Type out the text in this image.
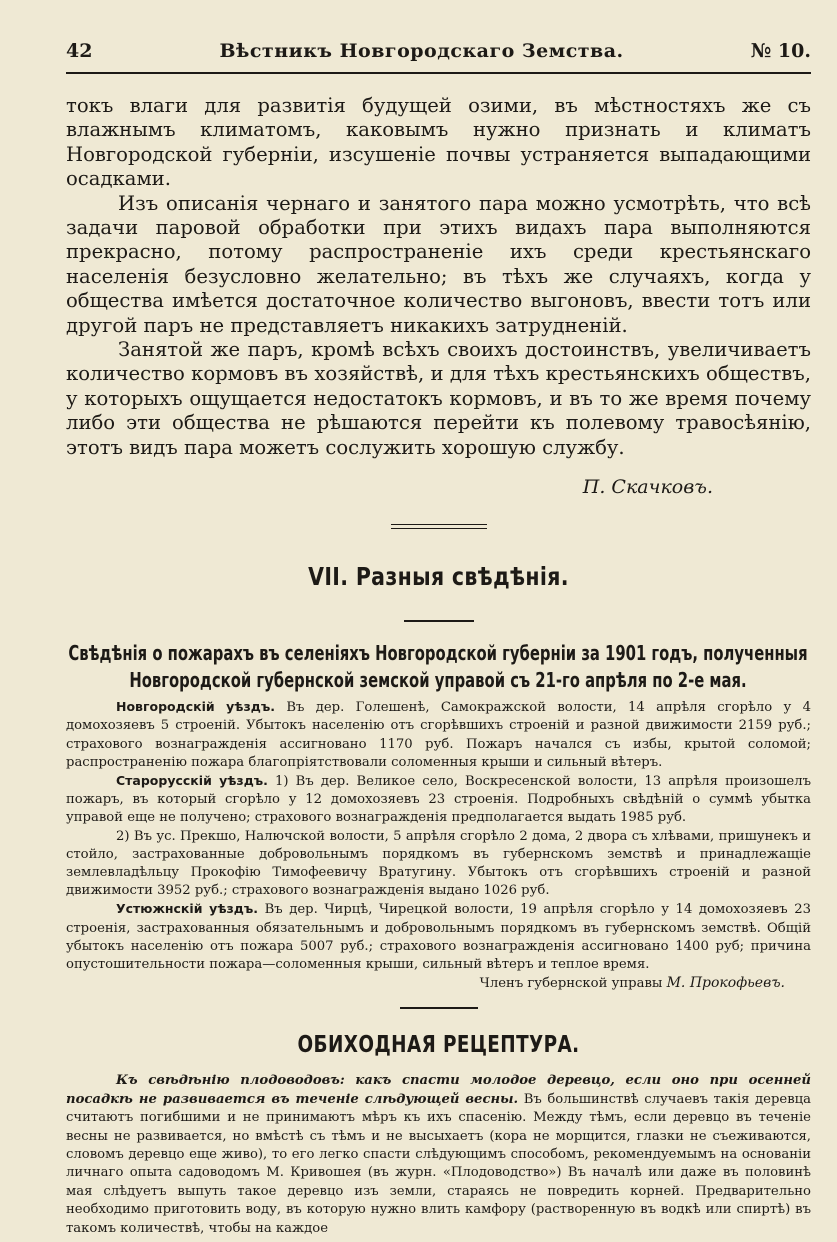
42	Вѣстникъ Новгородскаго Земства.	№ 10.

токъ влаги для развитія будущей озими, въ мѣстностяхъ же съ влажнымъ климатомъ, каковымъ нужно признать и климатъ Новгородской губерніи, изсушеніе почвы устраняется выпадающими осадками.

Изъ описанія чернаго и занятого пара можно усмотрѣть, что всѣ задачи паровой обработки при этихъ видахъ пара выполняются прекрасно, потому распространеніе ихъ среди крестьянскаго населенія безусловно желательно; въ тѣхъ же случаяхъ, когда у общества имѣется достаточное количество выгоновъ, ввести тотъ или другой паръ не представляетъ никакихъ затрудненій.

Занятой же паръ, кромѣ всѣхъ своихъ достоинствъ, увеличиваетъ количество кормовъ въ хозяйствѣ, и для тѣхъ крестьянскихъ обществъ, у которыхъ ощущается недостатокъ кормовъ, и въ то же время почему либо эти общества не рѣшаются перейти къ полевому травосѣянію, этотъ видъ пара можетъ сослужить хорошую службу.

П. Скачковъ.
VII. Разныя свѣдѣнія.
Свѣдѣнія о пожарахъ въ селеніяхъ Новгородской губерніи за 1901 годъ, полученныя Новгородской губернской земской управой съ 21-го апрѣля по 2-е мая.

Новгородскій уѣздъ. Въ дер. Голешенѣ, Самокражской волости, 14 апрѣля сгорѣло у 4 домохозяевъ 5 строеній. Убытокъ населенію отъ сгорѣвшихъ строеній и разной движимости 2159 руб.; страхового вознагражденія ассигновано 1170 руб. Пожаръ начался съ избы, крытой соломой; распространенію пожара благопріятствовали соломенныя крыши и сильный вѣтеръ.

Старорусскій уѣздъ. 1) Въ дер. Великое село, Воскресенской волости, 13 апрѣля произошелъ пожаръ, въ который сгорѣло у 12 домохозяевъ 23 строенія. Подробныхъ свѣдѣній о суммѣ убытка управой еще не получено; страхового вознагражденія предполагается выдать 1985 руб.

2) Въ ус. Прекшо, Налючской волости, 5 апрѣля сгорѣло 2 дома, 2 двора съ хлѣвами, пришунекъ и стойло, застрахованные добровольнымъ порядкомъ въ губернскомъ земствѣ и принадлежащіе землевладѣльцу Прокофію Тимофеевичу Вратугину. Убытокъ отъ сгорѣвшихъ строеній и разной движимости 3952 руб.; страхового вознагражденія выдано 1026 руб.

Устюжнскій уѣздъ. Въ дер. Чирцѣ, Чирецкой волости, 19 апрѣля сгорѣло у 14 домохозяевъ 23 строенія, застрахованныя обязательнымъ и добровольнымъ порядкомъ въ губернскомъ земствѣ. Общій убытокъ населенію отъ пожара 5007 руб.; страхового вознагражденія ассигновано 1400 руб; причина опустошительности пожара—соломенныя крыши, сильный вѣтеръ и теплое время.

Членъ губернской управы М. Прокофьевъ.
ОБИХОДНАЯ РЕЦЕПТУРА.

Къ свѣдѣнію плодоводовъ: какъ спасти молодое деревцо, если оно при осенней посадкѣ не развивается въ теченіе слѣдующей весны. Въ большинствѣ случаевъ такія деревца считаютъ погибшими и не принимаютъ мѣръ къ ихъ спасенію. Между тѣмъ, если деревцо въ теченіе весны не развивается, но вмѣстѣ съ тѣмъ и не высыхаетъ (кора не морщится, глазки не съеживаются, словомъ деревцо еще живо), то его легко спасти слѣдующимъ способомъ, рекомендуемымъ на основаніи личнаго опыта садоводомъ М. Кривошея (въ журн. «Плодоводство») Въ началѣ или даже въ половинѣ мая слѣдуетъ выпуть такое деревцо изъ земли, стараясь не повредить корней. Предварительно необходимо приготовить воду, въ которую нужно влить камфору (растворенную въ водкѣ или спиртѣ) въ такомъ количествѣ, чтобы на каждое
